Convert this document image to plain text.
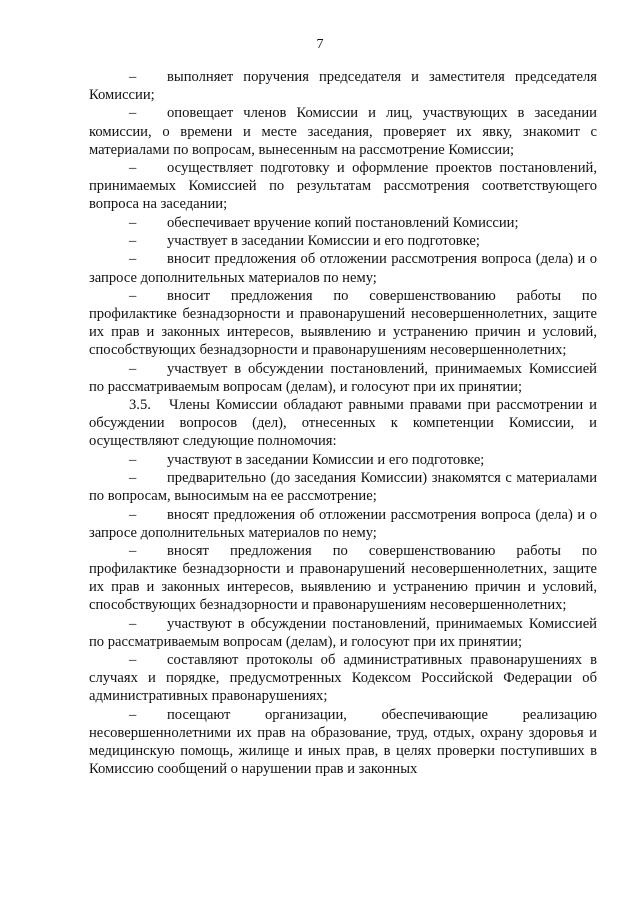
7

– выполняет поручения председателя и заместителя председателя Комиссии;

– оповещает членов Комиссии и лиц, участвующих в заседании комиссии, о времени и месте заседания, проверяет их явку, знакомит с материалами по вопросам, вынесенным на рассмотрение Комиссии;

– осуществляет подготовку и оформление проектов постановлений, принимаемых Комиссией по результатам рассмотрения соответствующего вопроса на заседании;

– обеспечивает вручение копий постановлений Комиссии;

– участвует в заседании Комиссии и его подготовке;

– вносит предложения об отложении рассмотрения вопроса (дела) и о запросе дополнительных материалов по нему;

– вносит предложения по совершенствованию работы по профилактике безнадзорности и правонарушений несовершеннолетних, защите их прав и законных интересов, выявлению и устранению причин и условий, способствующих безнадзорности и правонарушениям несовершеннолетних;

– участвует в обсуждении постановлений, принимаемых Комиссией по рассматриваемым вопросам (делам), и голосуют при их принятии;

3.5. Члены Комиссии обладают равными правами при рассмотрении и обсуждении вопросов (дел), отнесенных к компетенции Комиссии, и осуществляют следующие полномочия:

– участвуют в заседании Комиссии и его подготовке;

– предварительно (до заседания Комиссии) знакомятся с материалами по вопросам, выносимым на ее рассмотрение;

– вносят предложения об отложении рассмотрения вопроса (дела) и о запросе дополнительных материалов по нему;

– вносят предложения по совершенствованию работы по профилактике безнадзорности и правонарушений несовершеннолетних, защите их прав и законных интересов, выявлению и устранению причин и условий, способствующих безнадзорности и правонарушениям несовершеннолетних;

– участвуют в обсуждении постановлений, принимаемых Комиссией по рассматриваемым вопросам (делам), и голосуют при их принятии;

– составляют протоколы об административных правонарушениях в случаях и порядке, предусмотренных Кодексом Российской Федерации об административных правонарушениях;

– посещают организации, обеспечивающие реализацию несовершеннолетними их прав на образование, труд, отдых, охрану здоровья и медицинскую помощь, жилище и иных прав, в целях проверки поступивших в Комиссию сообщений о нарушении прав и законных
